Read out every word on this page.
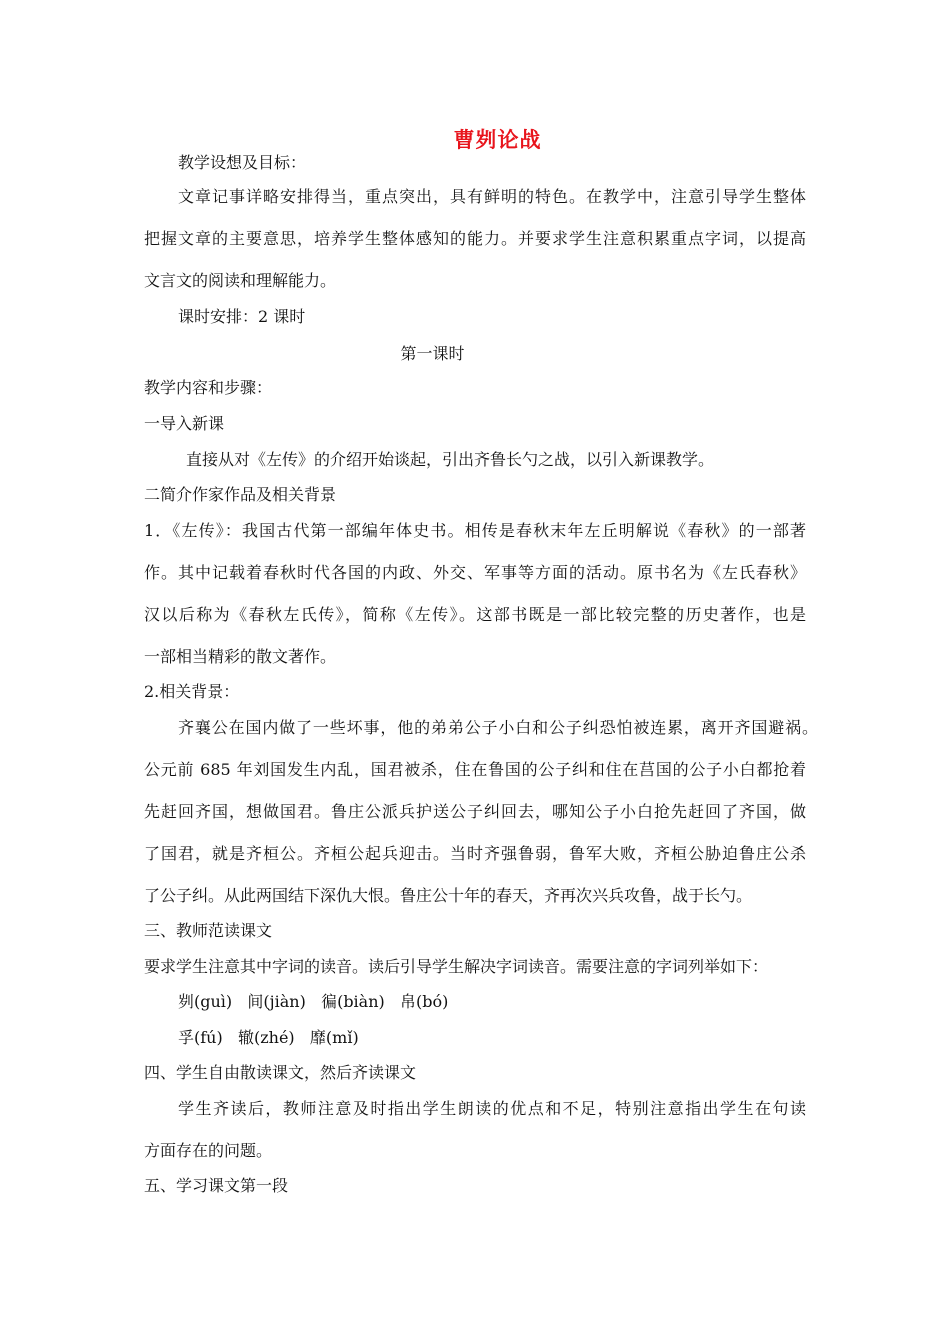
曹刿论战
教学设想及目标：
文章记事详略安排得当，重点突出，具有鲜明的特色。在教学中，注意引导学生整体
把握文章的主要意思，培养学生整体感知的能力。并要求学生注意积累重点字词，以提高
文言文的阅读和理解能力。
课时安排：2 课时
第一课时
教学内容和步骤：
一导入新课
直接从对《左传》的介绍开始谈起，引出齐鲁长勺之战，以引入新课教学。
二简介作家作品及相关背景
1．《左传》：我国古代第一部编年体史书。相传是春秋末年左丘明解说《春秋》的一部著
作。其中记载着春秋时代各国的内政、外交、军事等方面的活动。原书名为《左氏春秋》
汉以后称为《春秋左氏传》，简称《左传》。这部书既是一部比较完整的历史著作，也是
一部相当精彩的散文著作。
2.相关背景：
齐襄公在国内做了一些坏事，他的弟弟公子小白和公子纠恐怕被连累，离开齐国避祸。
公元前 685 年刘国发生内乱，国君被杀，住在鲁国的公子纠和住在莒国的公子小白都抢着
先赶回齐国，想做国君。鲁庄公派兵护送公子纠回去，哪知公子小白抢先赶回了齐国，做
了国君，就是齐桓公。齐桓公起兵迎击。当时齐强鲁弱，鲁军大败，齐桓公胁迫鲁庄公杀
了公子纠。从此两国结下深仇大恨。鲁庄公十年的春天，齐再次兴兵攻鲁，战于长勺。
三、教师范读课文
要求学生注意其中字词的读音。读后引导学生解决字词读音。需要注意的字词列举如下：
刿(guì)   间(jiàn)   徧(biàn)   帛(bó)
孚(fú)   辙(zhé)   靡(mǐ)
四、学生自由散读课文，然后齐读课文
学生齐读后，教师注意及时指出学生朗读的优点和不足，特别注意指出学生在句读
方面存在的问题。
五、学习课文第一段
